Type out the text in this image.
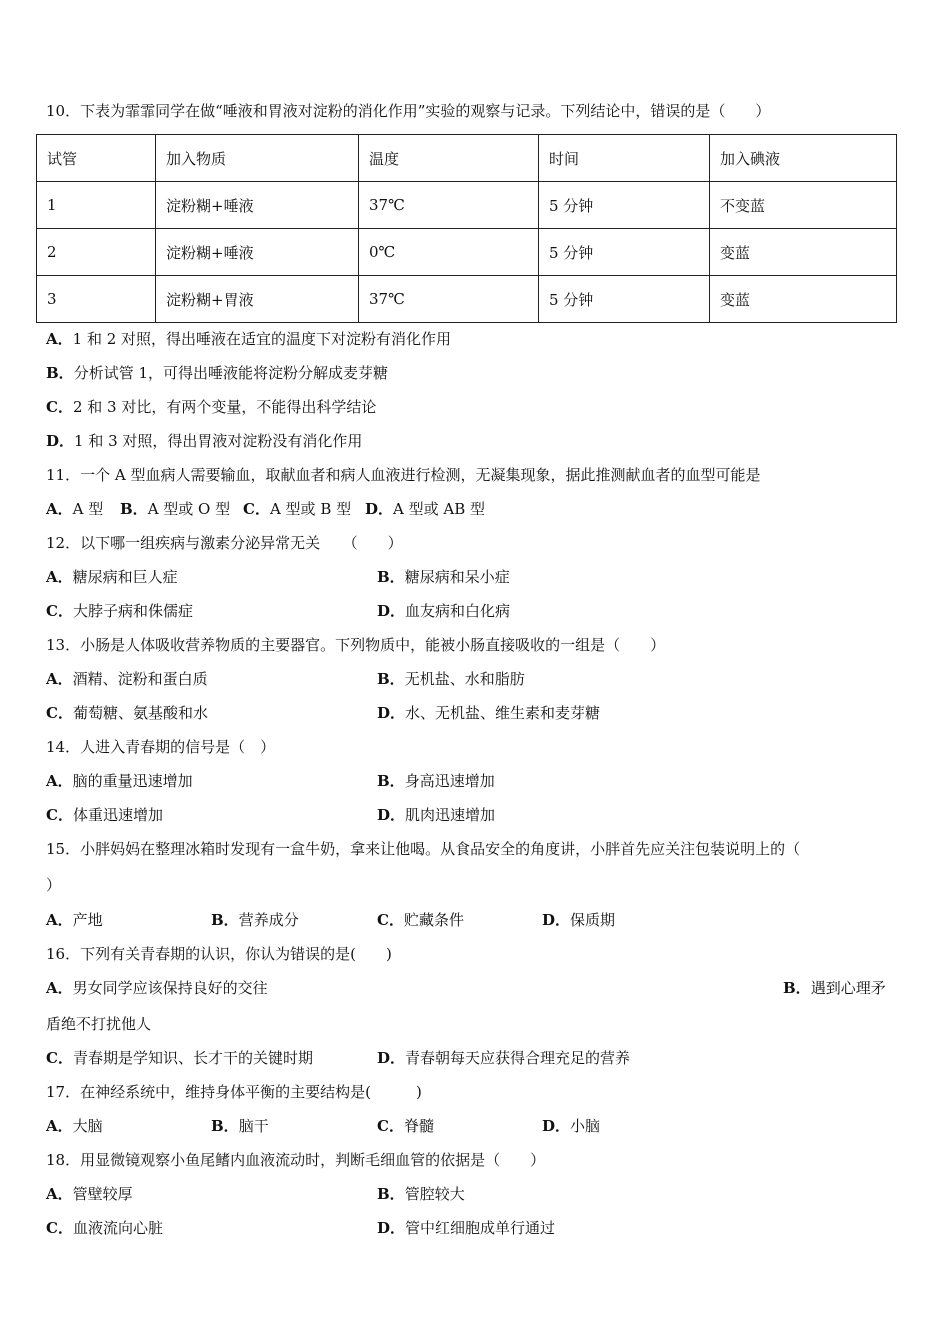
10．下表为霏霏同学在做“唾液和胃液对淀粉的消化作用”实验的观察与记录。下列结论中，错误的是（　　）
试管	加入物质	温度	时间	加入碘液
1	淀粉糊+唾液	37℃	5 分钟	不变蓝
2	淀粉糊+唾液	0℃	5 分钟	变蓝
3	淀粉糊+胃液	37℃	5 分钟	变蓝
A．1 和 2 对照，得出唾液在适宜的温度下对淀粉有消化作用
B．分析试管 1，可得出唾液能将淀粉分解成麦芽糖
C．2 和 3 对比，有两个变量，不能得出科学结论
D．1 和 3 对照，得出胃液对淀粉没有消化作用
11．一个 A 型血病人需要输血，取献血者和病人血液进行检测，无凝集现象，据此推测献血者的血型可能是
A．A 型 B．A 型或 O 型 C．A 型或 B 型 D．A 型或 AB 型
12．以下哪一组疾病与激素分泌异常无关　　（　　）
A．糖尿病和巨人症	B．糖尿病和呆小症
C．大脖子病和侏儒症	D．血友病和白化病
13．小肠是人体吸收营养物质的主要器官。下列物质中，能被小肠直接吸收的一组是（　　）
A．酒精、淀粉和蛋白质	B．无机盐、水和脂肪
C．葡萄糖、氨基酸和水	D．水、无机盐、维生素和麦芽糖
14．人进入青春期的信号是（　）
A．脑的重量迅速增加	B．身高迅速增加
C．体重迅速增加	D．肌肉迅速增加
15．小胖妈妈在整理冰箱时发现有一盒牛奶，拿来让他喝。从食品安全的角度讲，小胖首先应关注包装说明上的（
）
A．产地	B．营养成分	C．贮藏条件	D．保质期
16．下列有关青春期的认识，你认为错误的是(　　)
A．男女同学应该保持良好的交往	B．遇到心理矛
盾绝不打扰他人
C．青春期是学知识、长才干的关键时期	D．青春朝每天应获得合理充足的营养
17．在神经系统中，维持身体平衡的主要结构是(　　　)
A．大脑	B．脑干	C．脊髓	D．小脑
18．用显微镜观察小鱼尾鳍内血液流动时，判断毛细血管的依据是（　　）
A．管壁较厚	B．管腔较大
C．血液流向心脏	D．管中红细胞成单行通过
